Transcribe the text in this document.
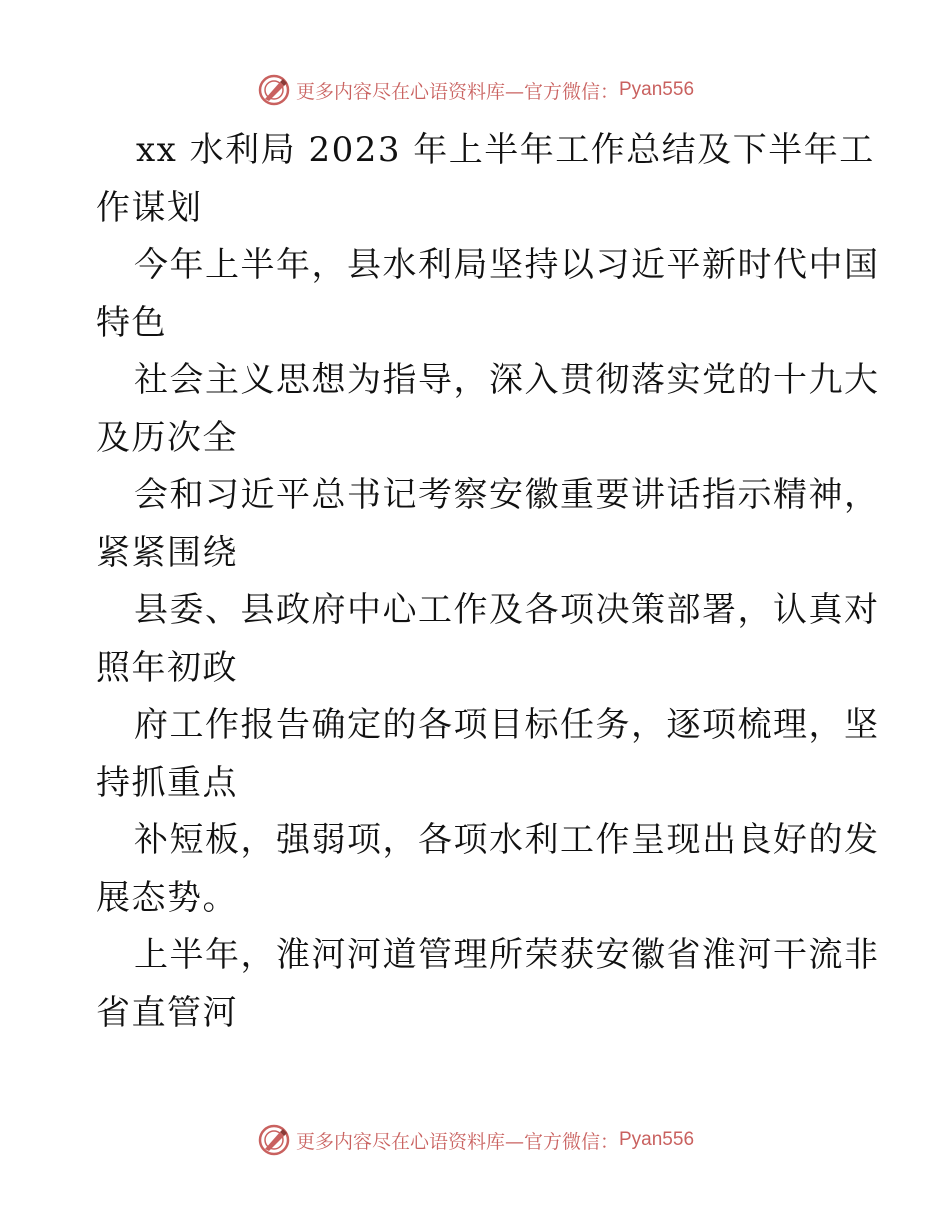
更多内容尽在心语资料库—官方微信： Pyan556
xx 水利局 2023 年上半年工作总结及下半年工
作谋划
今年上半年，县水利局坚持以习近平新时代中国
特色
社会主义思想为指导，深入贯彻落实党的十九大
及历次全
会和习近平总书记考察安徽重要讲话指示精神，
紧紧围绕
县委、县政府中心工作及各项决策部署，认真对
照年初政
府工作报告确定的各项目标任务，逐项梳理，坚
持抓重点
补短板，强弱项，各项水利工作呈现出良好的发
展态势。
上半年，淮河河道管理所荣获安徽省淮河干流非
省直管河
更多内容尽在心语资料库—官方微信： Pyan556
